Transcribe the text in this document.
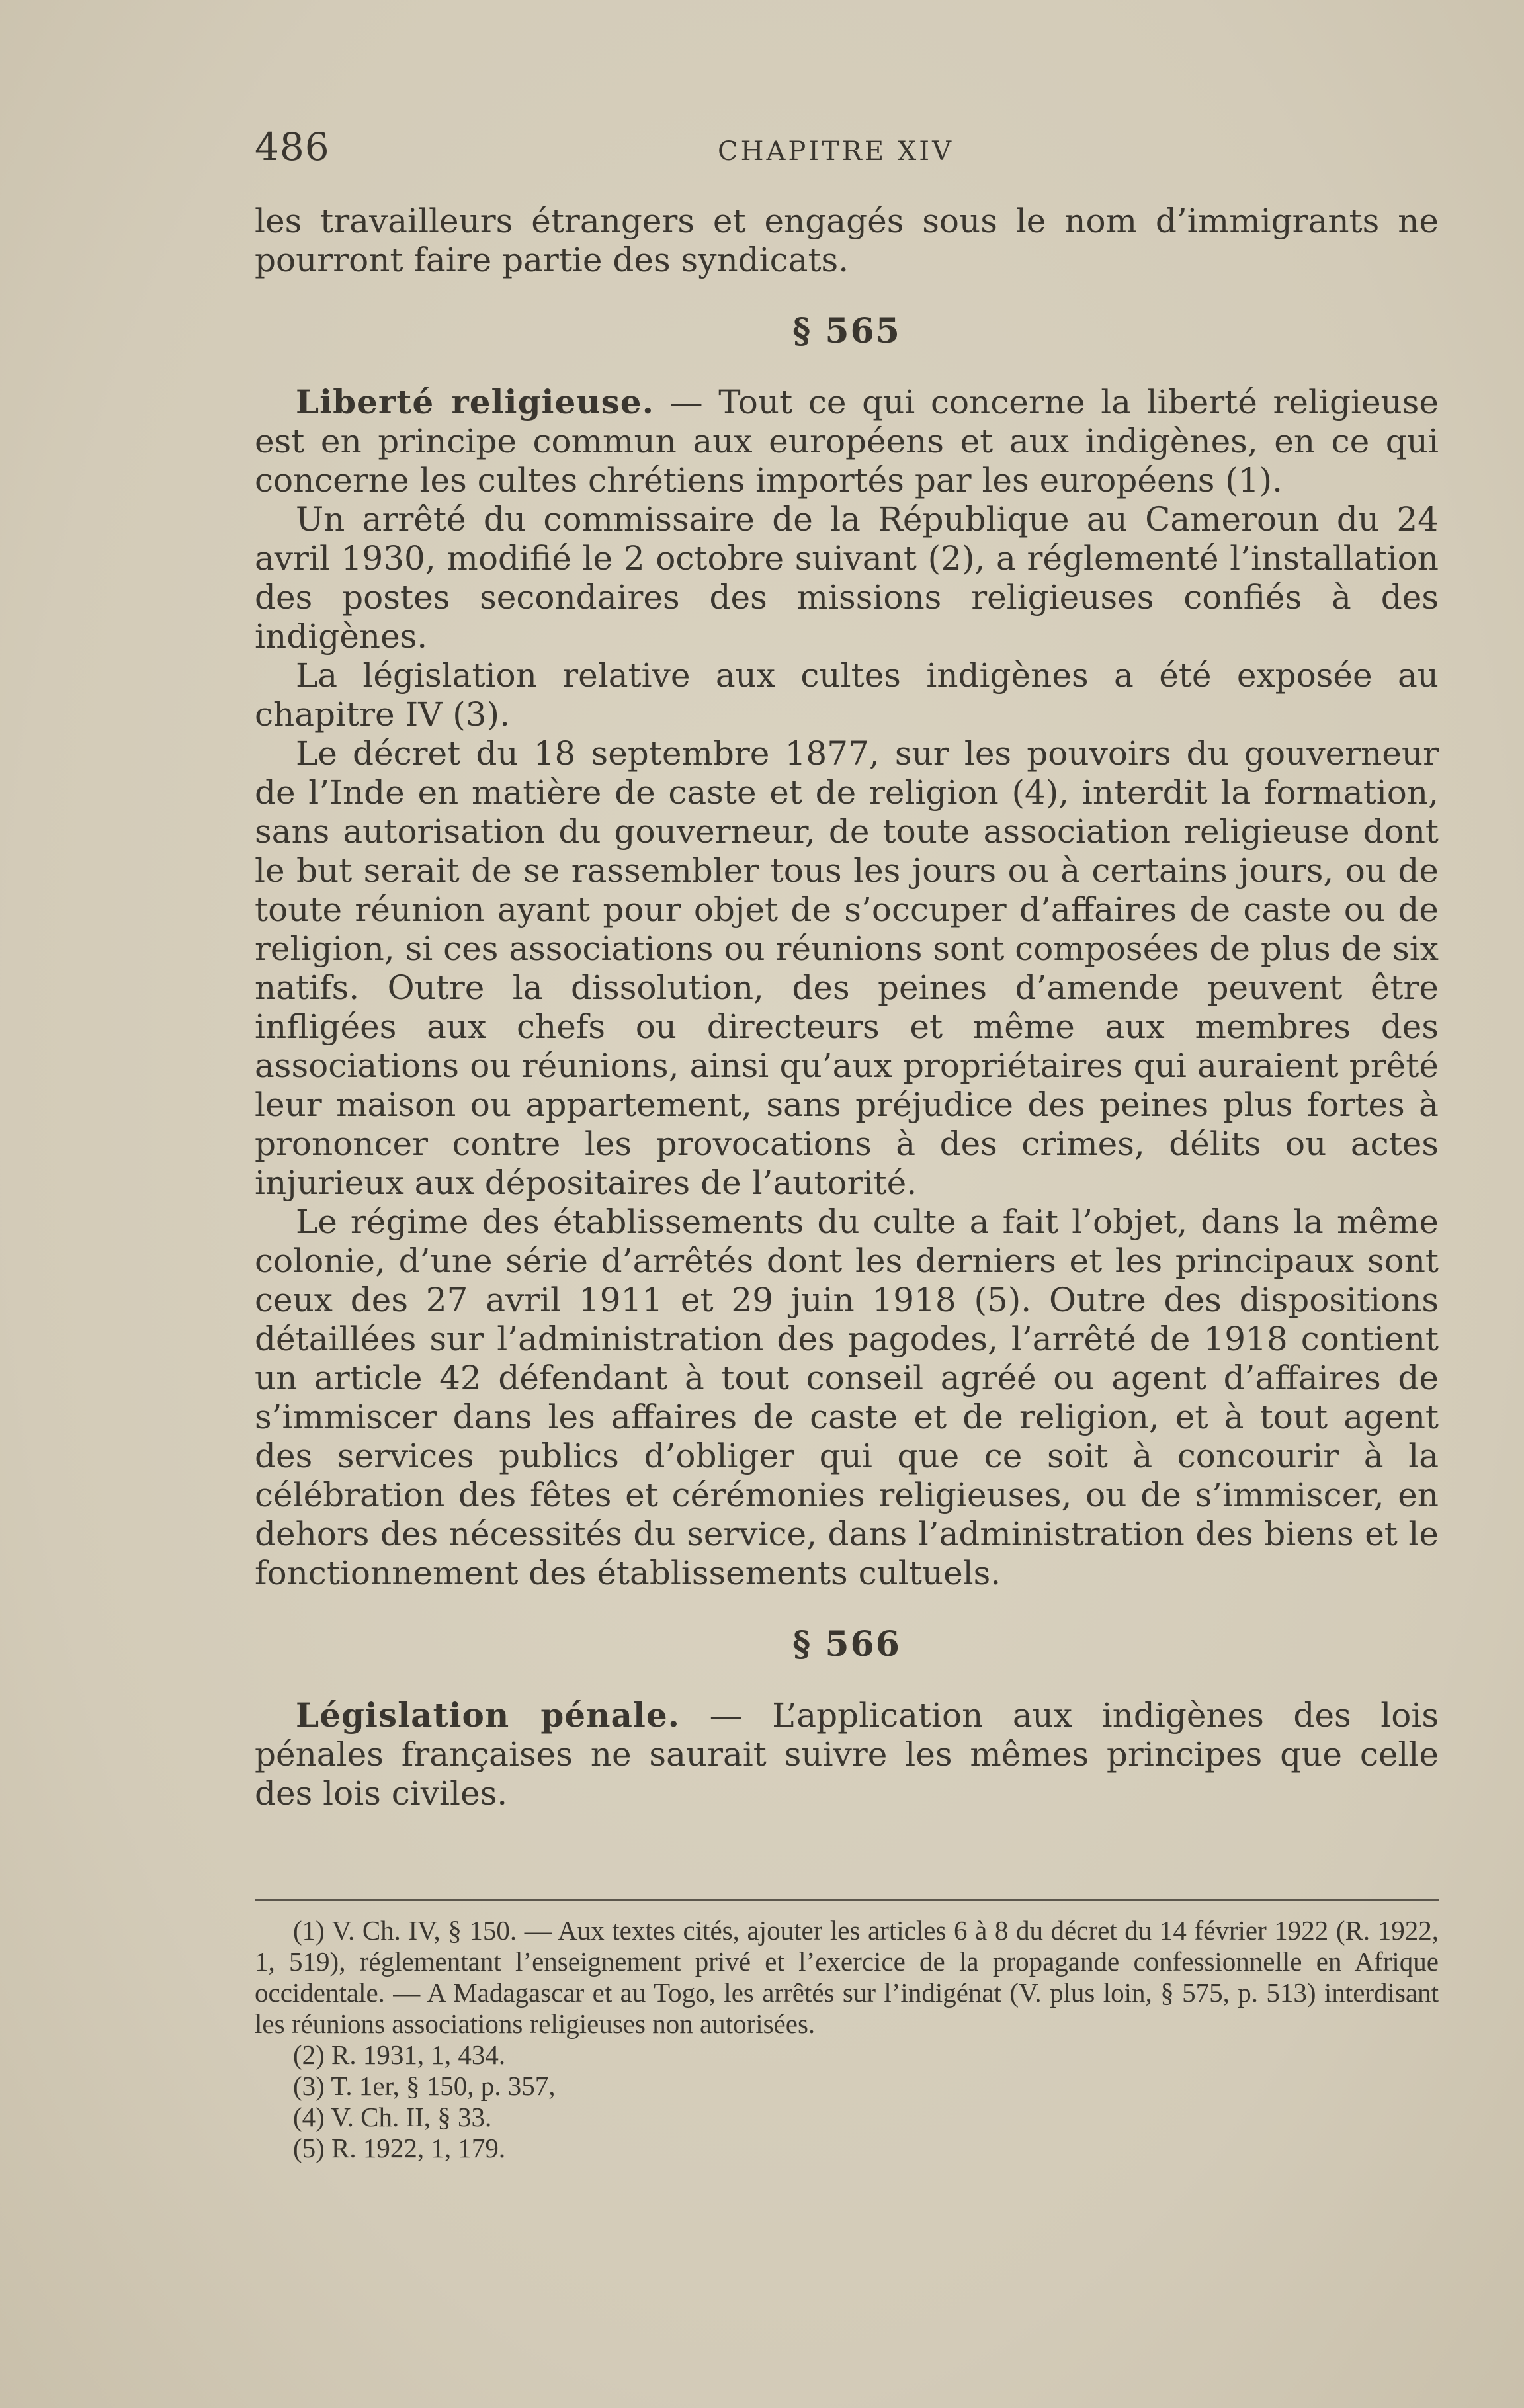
486	CHAPITRE XIV

les travailleurs étrangers et engagés sous le nom d’immigrants ne pourront faire partie des syndicats.

§ 565

Liberté religieuse. — Tout ce qui concerne la liberté religieuse est en principe commun aux européens et aux indigènes, en ce qui concerne les cultes chrétiens importés par les européens (1).

Un arrêté du commissaire de la République au Cameroun du 24 avril 1930, modifié le 2 octobre suivant (2), a réglementé l’installation des postes secondaires des missions religieuses confiés à des indigènes.

La législation relative aux cultes indigènes a été exposée au chapitre IV (3).

Le décret du 18 septembre 1877, sur les pouvoirs du gouverneur de l’Inde en matière de caste et de religion (4), interdit la formation, sans autorisation du gouverneur, de toute association religieuse dont le but serait de se rassembler tous les jours ou à certains jours, ou de toute réunion ayant pour objet de s’occuper d’affaires de caste ou de religion, si ces associations ou réunions sont composées de plus de six natifs. Outre la dissolution, des peines d’amende peuvent être infligées aux chefs ou directeurs et même aux membres des associations ou réunions, ainsi qu’aux propriétaires qui auraient prêté leur maison ou appartement, sans préjudice des peines plus fortes à prononcer contre les provocations à des crimes, délits ou actes injurieux aux dépositaires de l’autorité.

Le régime des établissements du culte a fait l’objet, dans la même colonie, d’une série d’arrêtés dont les derniers et les principaux sont ceux des 27 avril 1911 et 29 juin 1918 (5). Outre des dispositions détaillées sur l’administration des pagodes, l’arrêté de 1918 contient un article 42 défendant à tout conseil agréé ou agent d’affaires de s’immiscer dans les affaires de caste et de religion, et à tout agent des services publics d’obliger qui que ce soit à concourir à la célébration des fêtes et cérémonies religieuses, ou de s’immiscer, en dehors des nécessités du service, dans l’administration des biens et le fonctionnement des établissements cultuels.

§ 566

Législation pénale. — L’application aux indigènes des lois pénales françaises ne saurait suivre les mêmes principes que celle des lois civiles.

(1) V. Ch. IV, § 150. — Aux textes cités, ajouter les articles 6 à 8 du décret du 14 février 1922 (R. 1922, 1, 519), réglementant l’enseignement privé et l’exercice de la propagande confessionnelle en Afrique occidentale. — A Madagascar et au Togo, les arrêtés sur l’indigénat (V. plus loin, § 575, p. 513) interdisant les réunions associations religieuses non autorisées.

(2) R. 1931, 1, 434.

(3) T. 1er, § 150, p. 357,

(4) V. Ch. II, § 33.

(5) R. 1922, 1, 179.
